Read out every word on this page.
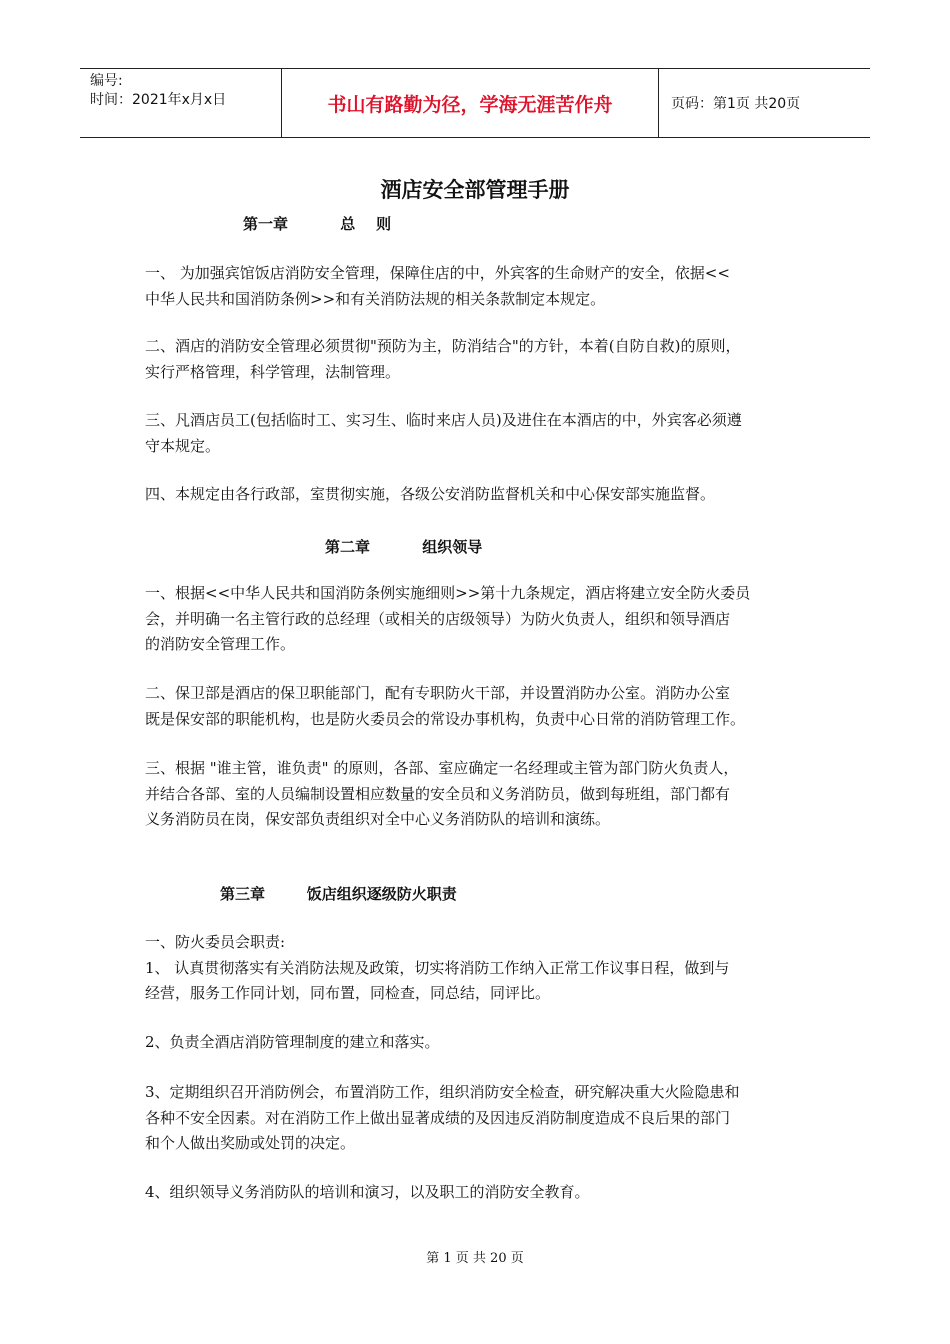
编号:
时间：2021年x月x日	书山有路勤为径，学海无涯苦作舟	页码：第1页 共20页
酒店安全部管理手册
第一章          总    则
一、 为加强宾馆饭店消防安全管理，保障住店的中，外宾客的生命财产的安全，依据<<
中华人民共和国消防条例>>和有关消防法规的相关条款制定本规定。
二、酒店的消防安全管理必须贯彻"预防为主，防消结合"的方针，本着(自防自救)的原则，
实行严格管理，科学管理，法制管理。
三、凡酒店员工(包括临时工、实习生、临时来店人员)及进住在本酒店的中，外宾客必须遵
守本规定。
四、本规定由各行政部，室贯彻实施，各级公安消防监督机关和中心保安部实施监督。
第二章          组织领导
一、根据<<中华人民共和国消防条例实施细则>>第十九条规定，酒店将建立安全防火委员
会，并明确一名主管行政的总经理（或相关的店级领导）为防火负责人，组织和领导酒店
的消防安全管理工作。
二、保卫部是酒店的保卫职能部门，配有专职防火干部，并设置消防办公室。消防办公室
既是保安部的职能机构，也是防火委员会的常设办事机构，负责中心日常的消防管理工作。
三、根据 "谁主管，谁负责" 的原则，各部、室应确定一名经理或主管为部门防火负责人，
并结合各部、室的人员编制设置相应数量的安全员和义务消防员，做到每班组，部门都有
义务消防员在岗，保安部负责组织对全中心义务消防队的培训和演练。
第三章        饭店组织逐级防火职责
一、防火委员会职责:
1、 认真贯彻落实有关消防法规及政策，切实将消防工作纳入正常工作议事日程，做到与
经营，服务工作同计划，同布置，同检查，同总结，同评比。
2、负责全酒店消防管理制度的建立和落实。
3、定期组织召开消防例会，布置消防工作，组织消防安全检查，研究解决重大火险隐患和
各种不安全因素。对在消防工作上做出显著成绩的及因违反消防制度造成不良后果的部门
和个人做出奖励或处罚的决定。
4、组织领导义务消防队的培训和演习，以及职工的消防安全教育。
第 1 页 共 20 页
